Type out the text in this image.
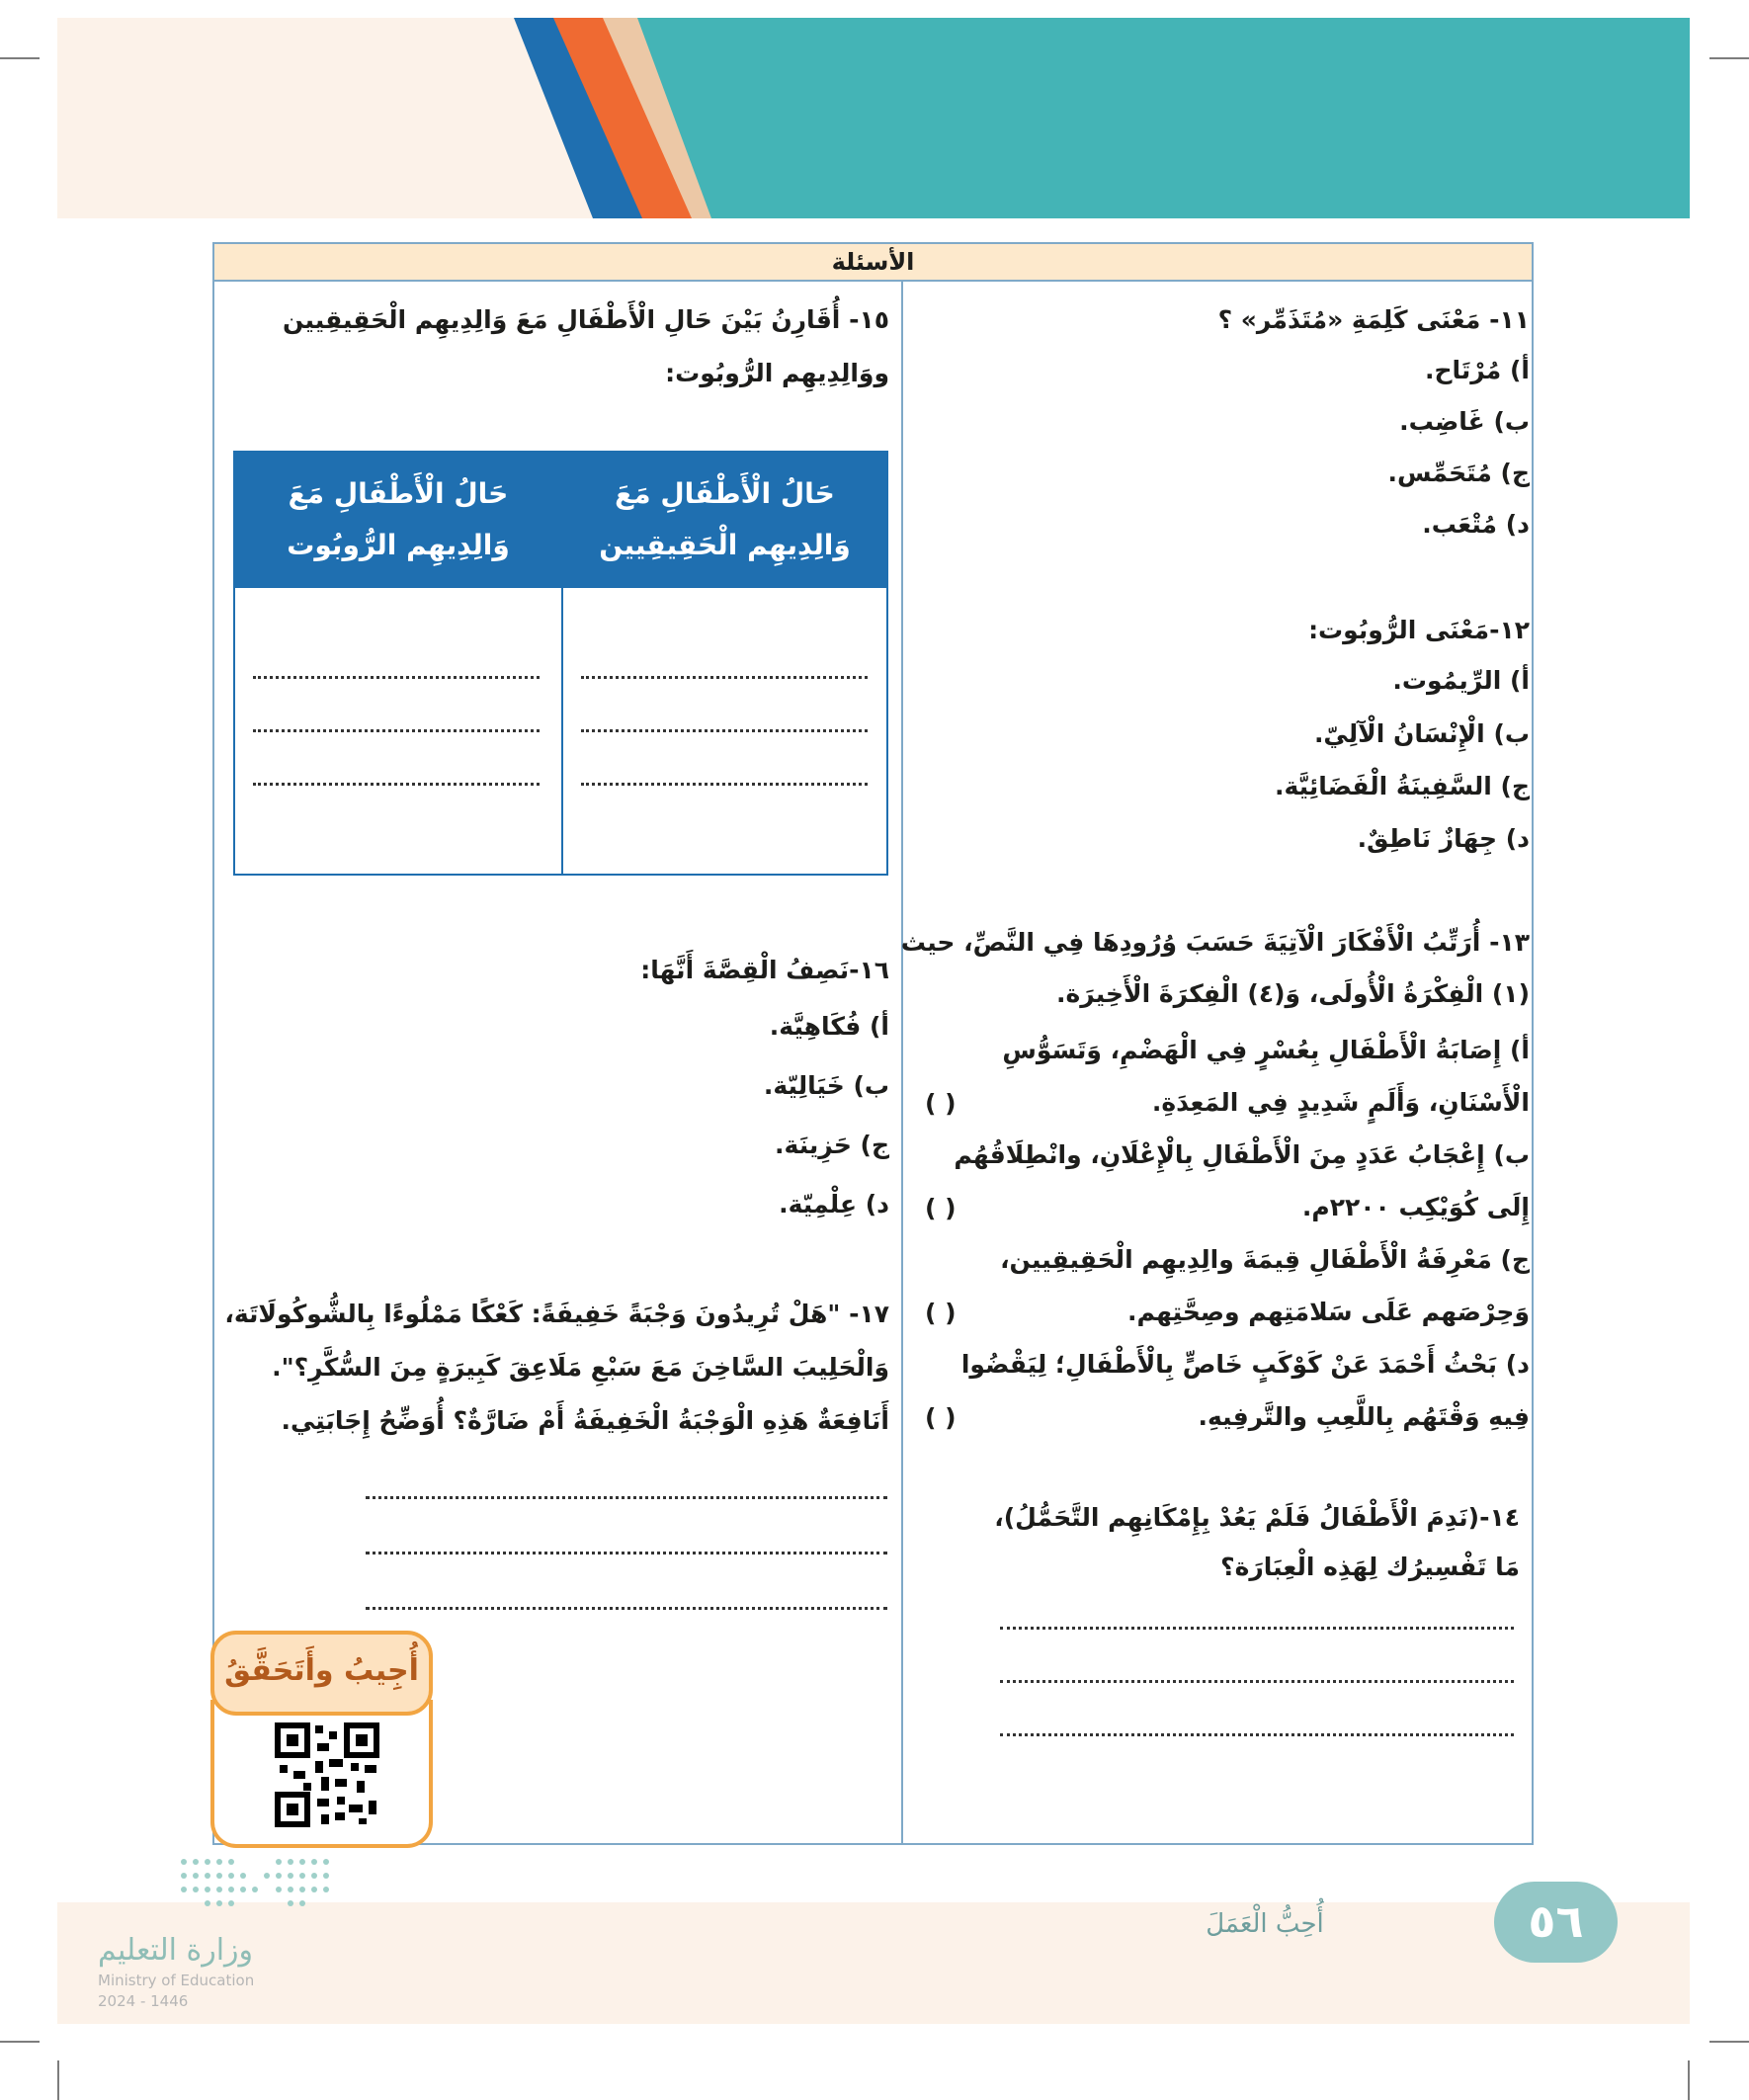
الأسئلة
١١- مَعْنَى كَلِمَةِ «مُتَذَمِّر» ؟
أ) مُرْتَاح.
ب) غَاضِب.
ج) مُتَحَمِّس.
د) مُتْعَب.
١٢-مَعْنَى الرُّوبُوت:
أ) الرِّيمُوت.
ب) الْإِنْسَانُ الْآلِيّ.
ج) السَّفِينَةُ الْفَضَائِيَّة.
د) جِهَازٌ نَاطِقٌ.
١٣- أُرَتِّبُ الْأَفْكَارَ الْآتِيَةَ حَسَبَ وُرُودِهَا فِي النَّصِّ، حيث
(١) الْفِكْرَةُ الْأُولَى، وَ(٤) الْفِكرَةَ الْأَخِيرَة.
أ) إِصَابَةُ الْأَطْفَالِ بِعُسْرٍ فِي الْهَضْمِ، وَتَسَوُّسِ الْأَسْنَانِ، وَأَلَمٍ شَدِيدٍ فِي المَعِدَةِ.
( )
ب) إِعْجَابُ عَدَدٍ مِنَ الْأَطْفَالِ بِالْإِعْلَانِ، وانْطِلَاقُهُم إِلَى كُوَيْكِب ٢٢٠٠م.
( )
ج) مَعْرِفَةُ الْأَطْفَالِ قِيمَةَ والِدِيهِم الْحَقِيقِيين، وَحِرْصَهم عَلَى سَلامَتِهم وصِحَّتِهم.
( )
د) بَحْثُ أَحْمَدَ عَنْ كَوْكَبٍ خَاصٍّ بِالْأَطْفَالِ؛ لِيَقْضُوا فِيهِ وَقْتَهُم بِاللَّعِبِ والتَّرفِيهِ.
( )
١٤-(نَدِمَ الْأَطْفَالُ فَلَمْ يَعُدْ بِإِمْكَانِهِم التَّحَمُّلُ)،
مَا تَفْسِيرُك لِهَذِه الْعِبَارَة؟
١٥- أُقَارِنُ بَيْنَ حَالِ الْأَطْفَالِ مَعَ وَالِدِيهِم الْحَقِيقِيين
ووَالِدِيهِم الرُّوبُوت:
حَالُ الْأَطْفَالِ مَعَ
وَالِدِيهِم الْحَقِيقِيين
حَالُ الْأَطْفَالِ مَعَ
وَالِدِيهِم الرُّوبُوت
١٦-نَصِفُ الْقِصَّةَ أَنَّهَا:
أ) فُكَاهِيَّة.
ب) خَيَالِيّة.
ج) حَزِينَة.
د) عِلْمِيّة.
١٧- "هَلْ تُرِيدُونَ وَجْبَةً خَفِيفَةً: كَعْكًا مَمْلُوءًا بِالشُّوكُولَاتَة،
وَالْحَلِيبَ السَّاخِنَ مَعَ سَبْعِ مَلَاعِقَ كَبِيرَةٍ مِنَ السُّكَّرِ؟".
أَنَافِعَةٌ هَذِهِ الْوَجْبَةُ الْخَفِيفَةُ أَمْ ضَارَّةٌ؟ أُوَضِّحُ إِجَابَتِي.
أُجِيبُ وأَتَحَقَّقُ
وزارة التعليم
Ministry of Education
2024 - 1446
أُحِبُّ الْعَمَلَ	٥٦
